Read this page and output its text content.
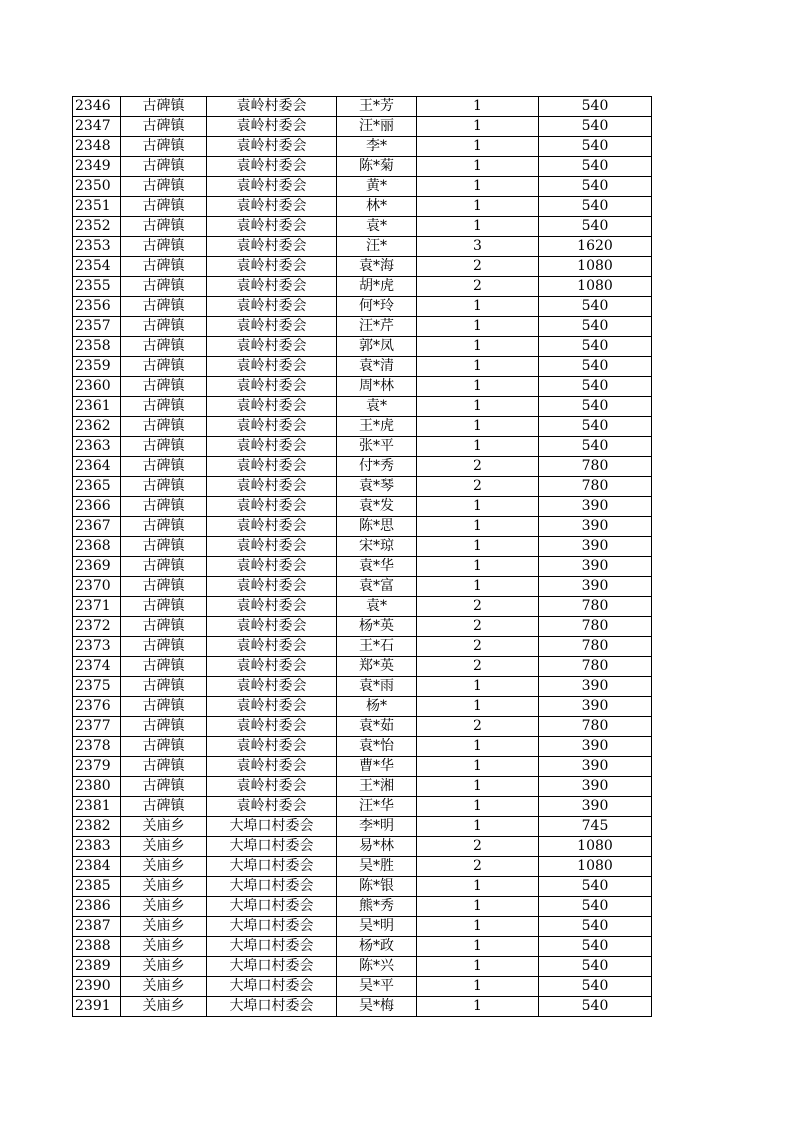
2346	古碑镇	袁岭村委会	王*芳	1	540
2347	古碑镇	袁岭村委会	汪*丽	1	540
2348	古碑镇	袁岭村委会	李*	1	540
2349	古碑镇	袁岭村委会	陈*菊	1	540
2350	古碑镇	袁岭村委会	黄*	1	540
2351	古碑镇	袁岭村委会	林*	1	540
2352	古碑镇	袁岭村委会	袁*	1	540
2353	古碑镇	袁岭村委会	汪*	3	1620
2354	古碑镇	袁岭村委会	袁*海	2	1080
2355	古碑镇	袁岭村委会	胡*虎	2	1080
2356	古碑镇	袁岭村委会	何*玲	1	540
2357	古碑镇	袁岭村委会	汪*芹	1	540
2358	古碑镇	袁岭村委会	郭*凤	1	540
2359	古碑镇	袁岭村委会	袁*清	1	540
2360	古碑镇	袁岭村委会	周*林	1	540
2361	古碑镇	袁岭村委会	袁*	1	540
2362	古碑镇	袁岭村委会	王*虎	1	540
2363	古碑镇	袁岭村委会	张*平	1	540
2364	古碑镇	袁岭村委会	付*秀	2	780
2365	古碑镇	袁岭村委会	袁*琴	2	780
2366	古碑镇	袁岭村委会	袁*发	1	390
2367	古碑镇	袁岭村委会	陈*思	1	390
2368	古碑镇	袁岭村委会	宋*琼	1	390
2369	古碑镇	袁岭村委会	袁*华	1	390
2370	古碑镇	袁岭村委会	袁*富	1	390
2371	古碑镇	袁岭村委会	袁*	2	780
2372	古碑镇	袁岭村委会	杨*英	2	780
2373	古碑镇	袁岭村委会	王*石	2	780
2374	古碑镇	袁岭村委会	郑*英	2	780
2375	古碑镇	袁岭村委会	袁*雨	1	390
2376	古碑镇	袁岭村委会	杨*	1	390
2377	古碑镇	袁岭村委会	袁*茹	2	780
2378	古碑镇	袁岭村委会	袁*怡	1	390
2379	古碑镇	袁岭村委会	曹*华	1	390
2380	古碑镇	袁岭村委会	王*湘	1	390
2381	古碑镇	袁岭村委会	汪*华	1	390
2382	关庙乡	大埠口村委会	李*明	1	745
2383	关庙乡	大埠口村委会	易*林	2	1080
2384	关庙乡	大埠口村委会	吴*胜	2	1080
2385	关庙乡	大埠口村委会	陈*银	1	540
2386	关庙乡	大埠口村委会	熊*秀	1	540
2387	关庙乡	大埠口村委会	吴*明	1	540
2388	关庙乡	大埠口村委会	杨*政	1	540
2389	关庙乡	大埠口村委会	陈*兴	1	540
2390	关庙乡	大埠口村委会	吴*平	1	540
2391	关庙乡	大埠口村委会	吴*梅	1	540
